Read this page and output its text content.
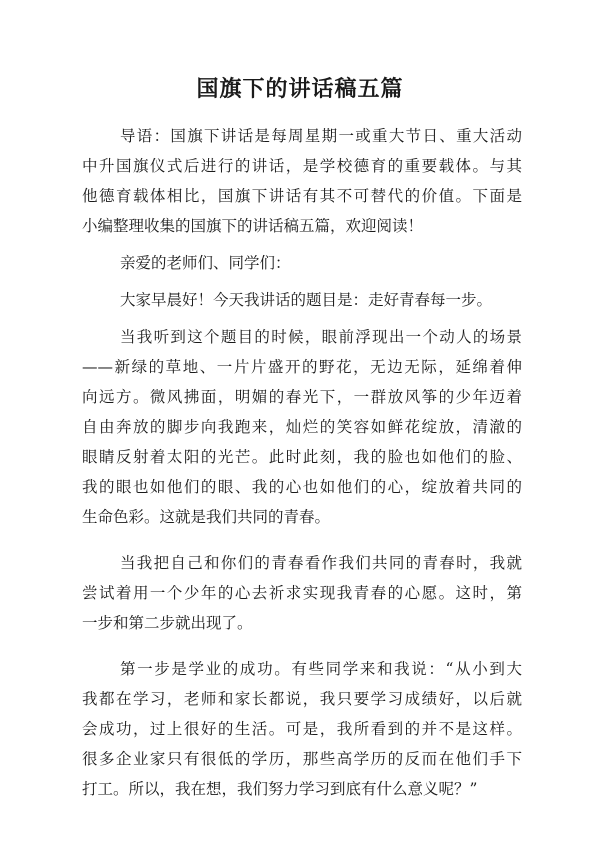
国旗下的讲话稿五篇
导语：国旗下讲话是每周星期一或重大节日、重大活动
中升国旗仪式后进行的讲话，是学校德育的重要载体。与其
他德育载体相比，国旗下讲话有其不可替代的价值。下面是
小编整理收集的国旗下的讲话稿五篇，欢迎阅读！
亲爱的老师们、同学们：
大家早晨好！今天我讲话的题目是：走好青春每一步。
当我听到这个题目的时候，眼前浮现出一个动人的场景
——新绿的草地、一片片盛开的野花，无边无际，延绵着伸
向远方。微风拂面，明媚的春光下，一群放风筝的少年迈着
自由奔放的脚步向我跑来，灿烂的笑容如鲜花绽放，清澈的
眼睛反射着太阳的光芒。此时此刻，我的脸也如他们的脸、
我的眼也如他们的眼、我的心也如他们的心，绽放着共同的
生命色彩。这就是我们共同的青春。
当我把自己和你们的青春看作我们共同的青春时，我就
尝试着用一个少年的心去祈求实现我青春的心愿。这时，第
一步和第二步就出现了。
第一步是学业的成功。有些同学来和我说：“从小到大
我都在学习，老师和家长都说，我只要学习成绩好，以后就
会成功，过上很好的生活。可是，我所看到的并不是这样。
很多企业家只有很低的学历，那些高学历的反而在他们手下
打工。所以，我在想，我们努力学习到底有什么意义呢？”
